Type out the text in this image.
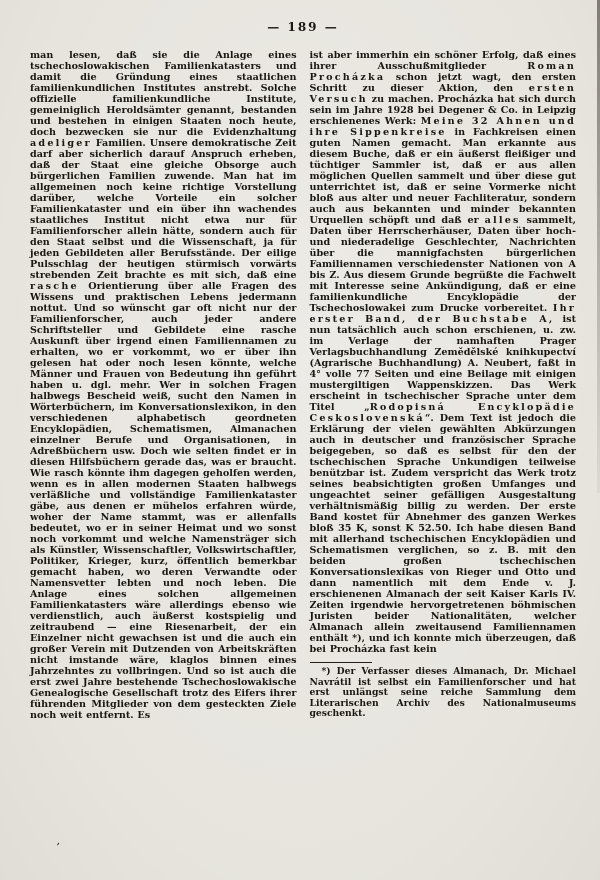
— 189 —
man lesen, daß sie die Anlage eines tschechoslowakischen Familienkatasters und damit die Gründung eines staatlichen familienkundlichen Institutes anstrebt. Solche offizielle familienkundliche Institute, gemeiniglich Heroldsämter genannt, bestanden und bestehen in einigen Staaten noch heute, doch bezwecken sie nur die Evidenzhaltung adeliger Familien. Unsere demokratische Zeit darf aber sicherlich darauf Anspruch erheben, daß der Staat eine gleiche Obsorge auch bürgerlichen Familien zuwende. Man hat im allgemeinen noch keine richtige Vorstellung darüber, welche Vorteile ein solcher Familienkataster und ein über ihn wachendes staatliches Institut nicht etwa nur für Familienforscher allein hätte, sondern auch für den Staat selbst und die Wissenschaft, ja für jeden Gebildeten aller Berufsstände. Der eilige Pulsschlag der heutigen stürmisch vorwärts strebenden Zeit brachte es mit sich, daß eine rasche Orientierung über alle Fragen des Wissens und praktischen Lebens jedermann nottut. Und so wünscht gar oft nicht nur der Familienforscher, auch jeder andere Schriftsteller und Gebildete eine rasche Auskunft über irgend einen Familiennamen zu erhalten, wo er vorkommt, wo er über ihn gelesen hat oder noch lesen könnte, welche Männer und Frauen von Bedeutung ihn geführt haben u. dgl. mehr. Wer in solchen Fragen halbwegs Bescheid weiß, sucht den Namen in Wörterbüchern, im Konversationslexikon, in den verschiedenen alphabetisch geordneten Encyklopädien, Schematismen, Almanachen einzelner Berufe und Organisationen, in Adreßbüchern usw. Doch wie selten findet er in diesen Hilfsbüchern gerade das, was er braucht. Wie rasch könnte ihm dagegen geholfen werden, wenn es in allen modernen Staaten halbwegs verläßliche und vollständige Familienkataster gäbe, aus denen er mühelos erfahren würde, woher der Name stammt, was er allenfalls bedeutet, wo er in seiner Heimat und wo sonst noch vorkommt und welche Namensträger sich als Künstler, Wissenschaftler, Volkswirtschaftler, Politiker, Krieger, kurz, öffentlich bemerkbar gemacht haben, wo deren Verwandte oder Namensvetter lebten und noch leben. Die Anlage eines solchen allgemeinen Familienkatasters wäre allerdings ebenso wie verdienstlich, auch äußerst kostspielig und zeitraubend — eine Riesenarbeit, der ein Einzelner nicht gewachsen ist und die auch ein großer Verein mit Dutzenden von Arbeitskräften nicht imstande wäre, klaglos binnen eines Jahrzehntes zu vollbringen. Und so ist auch die erst zwei Jahre bestehende Tschechoslowakische Genealogische Gesellschaft trotz des Eifers ihrer führenden Mitglieder von dem gesteckten Ziele noch weit entfernt. Es
ist aber immerhin ein schöner Erfolg, daß eines ihrer Ausschußmitglieder Roman Procházka schon jetzt wagt, den ersten Schritt zu dieser Aktion, den ersten Versuch zu machen. Procházka hat sich durch sein im Jahre 1928 bei Degener & Co. in Leipzig erschienenes Werk: Meine 32 Ahnen und ihre Sippenkreise in Fachkreisen einen guten Namen gemacht. Man erkannte aus diesem Buche, daß er ein äußerst fleißiger und tüchtiger Sammler ist, daß er aus allen möglichen Quellen sammelt und über diese gut unterrichtet ist, daß er seine Vormerke nicht bloß aus alter und neuer Fachliteratur, sondern auch aus bekannten und minder bekannten Urquellen schöpft und daß er alles sammelt, Daten über Herrscherhäuser, Daten über hoch- und niederadelige Geschlechter, Nachrichten über die mannigfachsten bürgerlichen Familiennamen verschiedenster Nationen von A bis Z. Aus diesem Grunde begrüßte die Fachwelt mit Interesse seine Ankündigung, daß er eine familienkundliche Encyklopädie der Tschechoslowakei zum Drucke vorbereitet. Ihr erster Band, der Buchstabe A, ist nun tatsächlich auch schon erschienen, u. zw. im Verlage der namhaften Prager Verlagsbuchhandlung Zemědělské knihkupectví (Agrarische Buchhandlung) A. Neubert, faßt in 4° volle 77 Seiten und eine Beilage mit einigen mustergiltigen Wappenskizzen. Das Werk erscheint in tschechischer Sprache unter dem Titel „Rodopisná Encyklopädie Ceskoslovenská“. Dem Text ist jedoch die Erklärung der vielen gewählten Abkürzungen auch in deutscher und französischer Sprache beigegeben, so daß es selbst für den der tschechischen Sprache Unkundigen teilweise benützbar ist. Zudem verspricht das Werk trotz seines beabsichtigten großen Umfanges und ungeachtet seiner gefälligen Ausgestaltung verhältnismäßig billig zu werden. Der erste Band kostet für Abnehmer des ganzen Werkes bloß 35 K, sonst K 52.50. Ich habe diesen Band mit allerhand tschechischen Encyklopädien und Schematismen verglichen, so z. B. mit den beiden großen tschechischen Konversationslexikas von Rieger und Otto und dann namentlich mit dem Ende v. J. erschienenen Almanach der seit Kaiser Karls IV. Zeiten irgendwie hervorgetretenen böhmischen Juristen beider Nationalitäten, welcher Almanach allein zweitausend Familiennamen enthält *), und ich konnte mich überzeugen, daß bei Procházka fast kein
*) Der Verfasser dieses Almanach, Dr. Michael Navrátil ist selbst ein Familienforscher und hat erst unlängst seine reiche Sammlung dem Literarischen Archiv des Nationalmuseums geschenkt.
’
